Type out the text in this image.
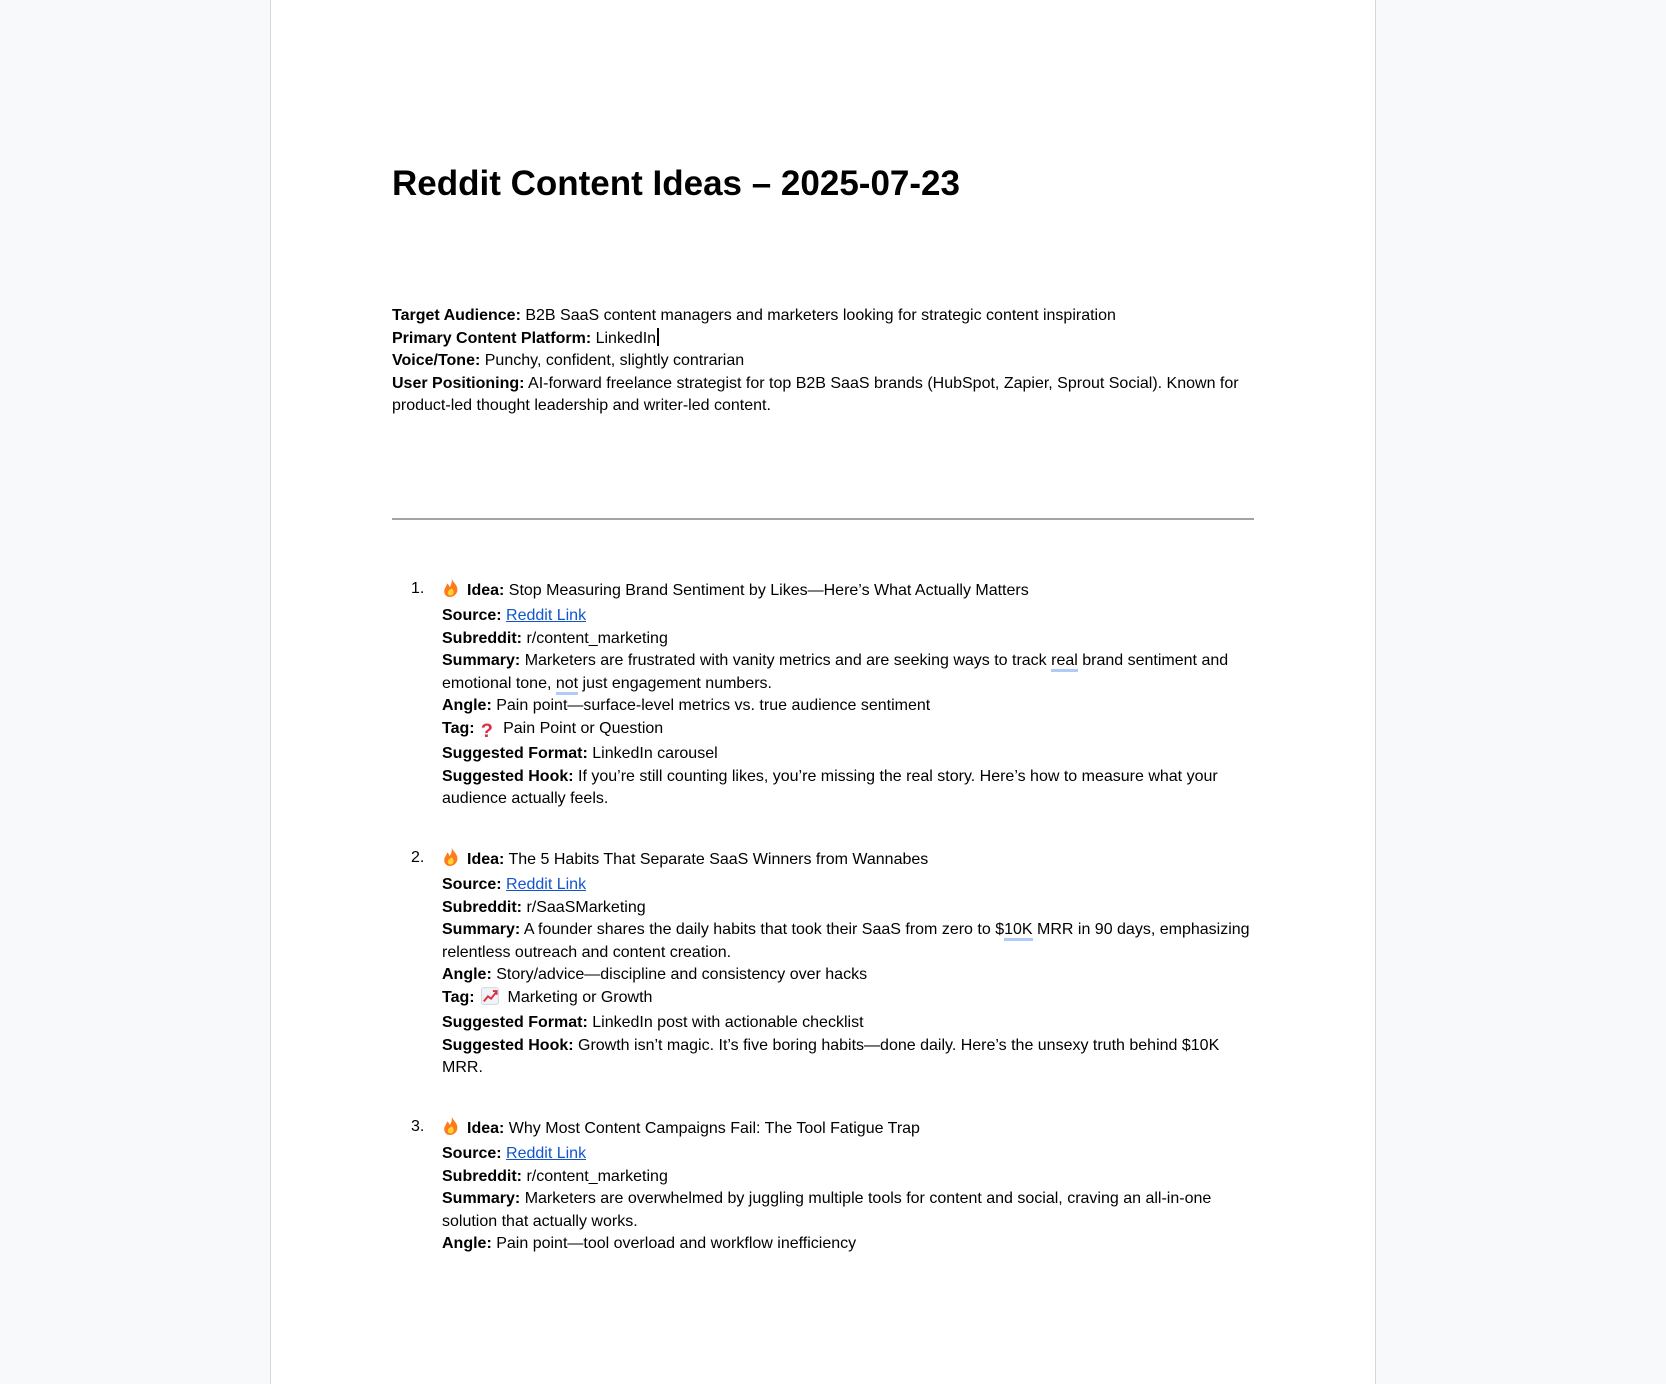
Reddit Content Ideas – 2025-07-23

Target Audience: B2B SaaS content managers and marketers looking for strategic content inspiration

Primary Content Platform: LinkedIn

Voice/Tone: Punchy, confident, slightly contrarian

User Positioning: AI-forward freelance strategist for top B2B SaaS brands (HubSpot, Zapier, Sprout Social). Known for product-led thought leadership and writer-led content.

1.	Idea: Stop Measuring Brand Sentiment by Likes—Here’s What Actually Matters

Source: Reddit Link

Subreddit: r/content_marketing

Summary: Marketers are frustrated with vanity metrics and are seeking ways to track real brand sentiment and emotional tone, not just engagement numbers.

Angle: Pain point—surface-level metrics vs. true audience sentiment

Tag: ? Pain Point or Question

Suggested Format: LinkedIn carousel

Suggested Hook: If you’re still counting likes, you’re missing the real story. Here’s how to measure what your audience actually feels.

2.	Idea: The 5 Habits That Separate SaaS Winners from Wannabes

Source: Reddit Link

Subreddit: r/SaaSMarketing

Summary: A founder shares the daily habits that took their SaaS from zero to $10K MRR in 90 days, emphasizing relentless outreach and content creation.

Angle: Story/advice—discipline and consistency over hacks

Tag:  Marketing or Growth

Suggested Format: LinkedIn post with actionable checklist

Suggested Hook: Growth isn’t magic. It’s five boring habits—done daily. Here’s the unsexy truth behind $10K MRR.

3.	Idea: Why Most Content Campaigns Fail: The Tool Fatigue Trap

Source: Reddit Link

Subreddit: r/content_marketing

Summary: Marketers are overwhelmed by juggling multiple tools for content and social, craving an all-in-one solution that actually works.

Angle: Pain point—tool overload and workflow inefficiency
